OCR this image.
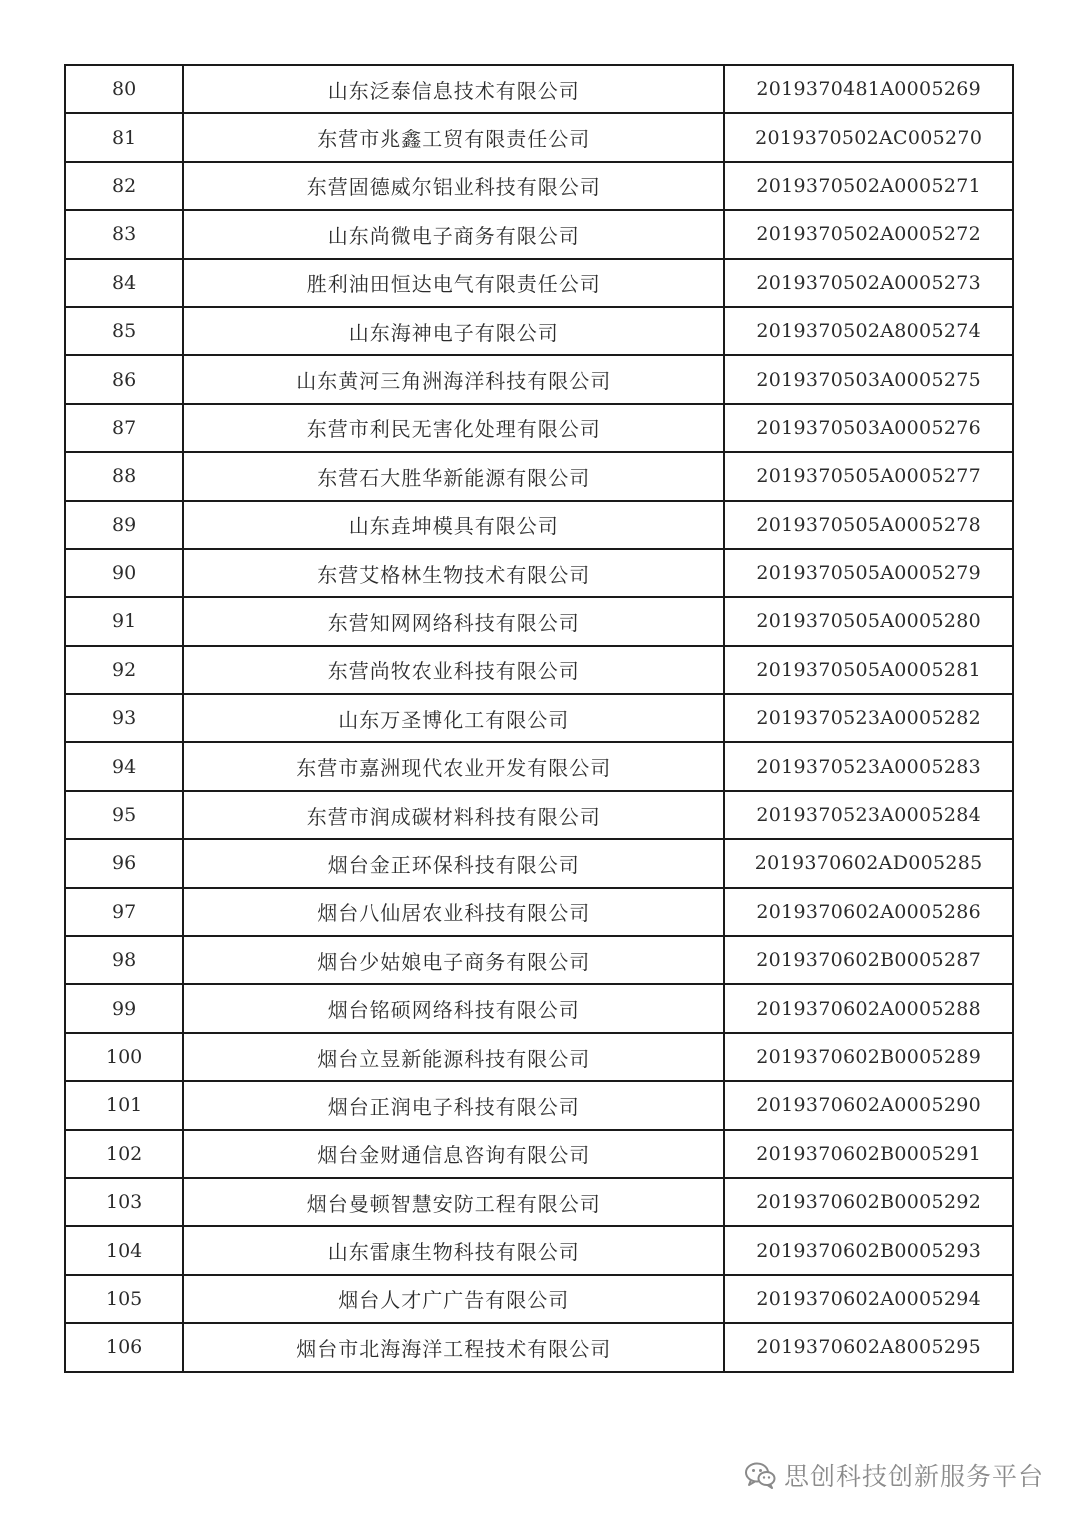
80	山东泛泰信息技术有限公司	2019370481A0005269
81	东营市兆鑫工贸有限责任公司	2019370502AC005270
82	东营固德威尔铝业科技有限公司	2019370502A0005271
83	山东尚微电子商务有限公司	2019370502A0005272
84	胜利油田恒达电气有限责任公司	2019370502A0005273
85	山东海神电子有限公司	2019370502A8005274
86	山东黄河三角洲海洋科技有限公司	2019370503A0005275
87	东营市利民无害化处理有限公司	2019370503A0005276
88	东营石大胜华新能源有限公司	2019370505A0005277
89	山东垚坤模具有限公司	2019370505A0005278
90	东营艾格林生物技术有限公司	2019370505A0005279
91	东营知网网络科技有限公司	2019370505A0005280
92	东营尚牧农业科技有限公司	2019370505A0005281
93	山东万圣博化工有限公司	2019370523A0005282
94	东营市嘉洲现代农业开发有限公司	2019370523A0005283
95	东营市润成碳材料科技有限公司	2019370523A0005284
96	烟台金正环保科技有限公司	2019370602AD005285
97	烟台八仙居农业科技有限公司	2019370602A0005286
98	烟台少姑娘电子商务有限公司	2019370602B0005287
99	烟台铭硕网络科技有限公司	2019370602A0005288
100	烟台立昱新能源科技有限公司	2019370602B0005289
101	烟台正润电子科技有限公司	2019370602A0005290
102	烟台金财通信息咨询有限公司	2019370602B0005291
103	烟台曼顿智慧安防工程有限公司	2019370602B0005292
104	山东雷康生物科技有限公司	2019370602B0005293
105	烟台人才广广告有限公司	2019370602A0005294
106	烟台市北海海洋工程技术有限公司	2019370602A8005295
思创科技创新服务平台
